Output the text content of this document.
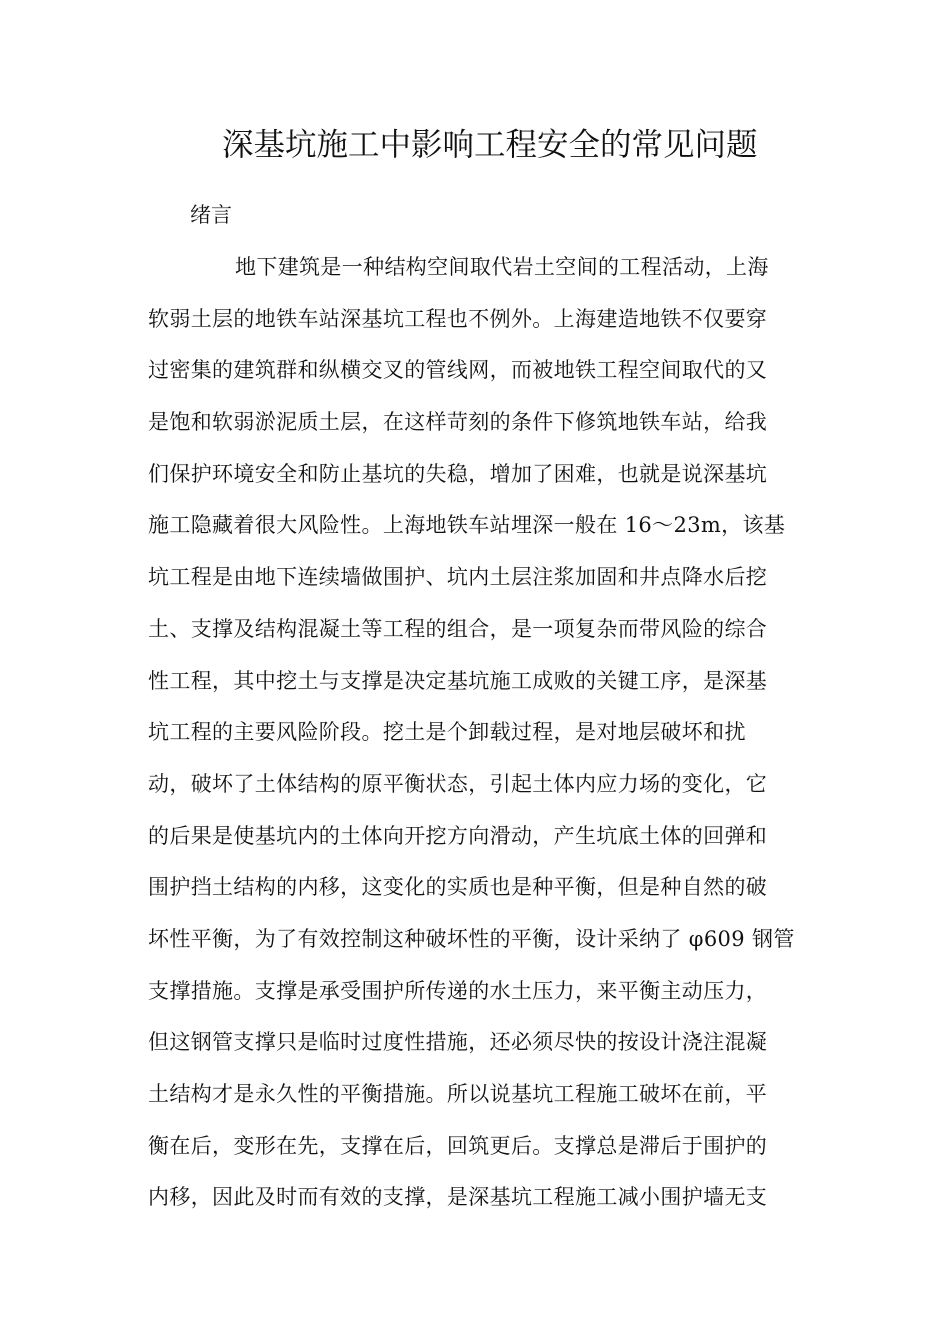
深基坑施工中影响工程安全的常见问题
绪言
地下建筑是一种结构空间取代岩土空间的工程活动，上海
软弱土层的地铁车站深基坑工程也不例外。上海建造地铁不仅要穿
过密集的建筑群和纵横交叉的管线网，而被地铁工程空间取代的又
是饱和软弱淤泥质土层，在这样苛刻的条件下修筑地铁车站，给我
们保护环境安全和防止基坑的失稳，增加了困难，也就是说深基坑
施工隐藏着很大风险性。上海地铁车站埋深一般在 16～23m，该基
坑工程是由地下连续墙做围护、坑内土层注浆加固和井点降水后挖
土、支撑及结构混凝土等工程的组合，是一项复杂而带风险的综合
性工程，其中挖土与支撑是决定基坑施工成败的关键工序，是深基
坑工程的主要风险阶段。挖土是个卸载过程，是对地层破坏和扰
动，破坏了土体结构的原平衡状态，引起土体内应力场的变化，它
的后果是使基坑内的土体向开挖方向滑动，产生坑底土体的回弹和
围护挡土结构的内移，这变化的实质也是种平衡，但是种自然的破
坏性平衡，为了有效控制这种破坏性的平衡，设计采纳了 φ609 钢管
支撑措施。支撑是承受围护所传递的水土压力，来平衡主动压力，
但这钢管支撑只是临时过度性措施，还必须尽快的按设计浇注混凝
土结构才是永久性的平衡措施。所以说基坑工程施工破坏在前，平
衡在后，变形在先，支撑在后，回筑更后。支撑总是滞后于围护的
内移，因此及时而有效的支撑，是深基坑工程施工减小围护墙无支
